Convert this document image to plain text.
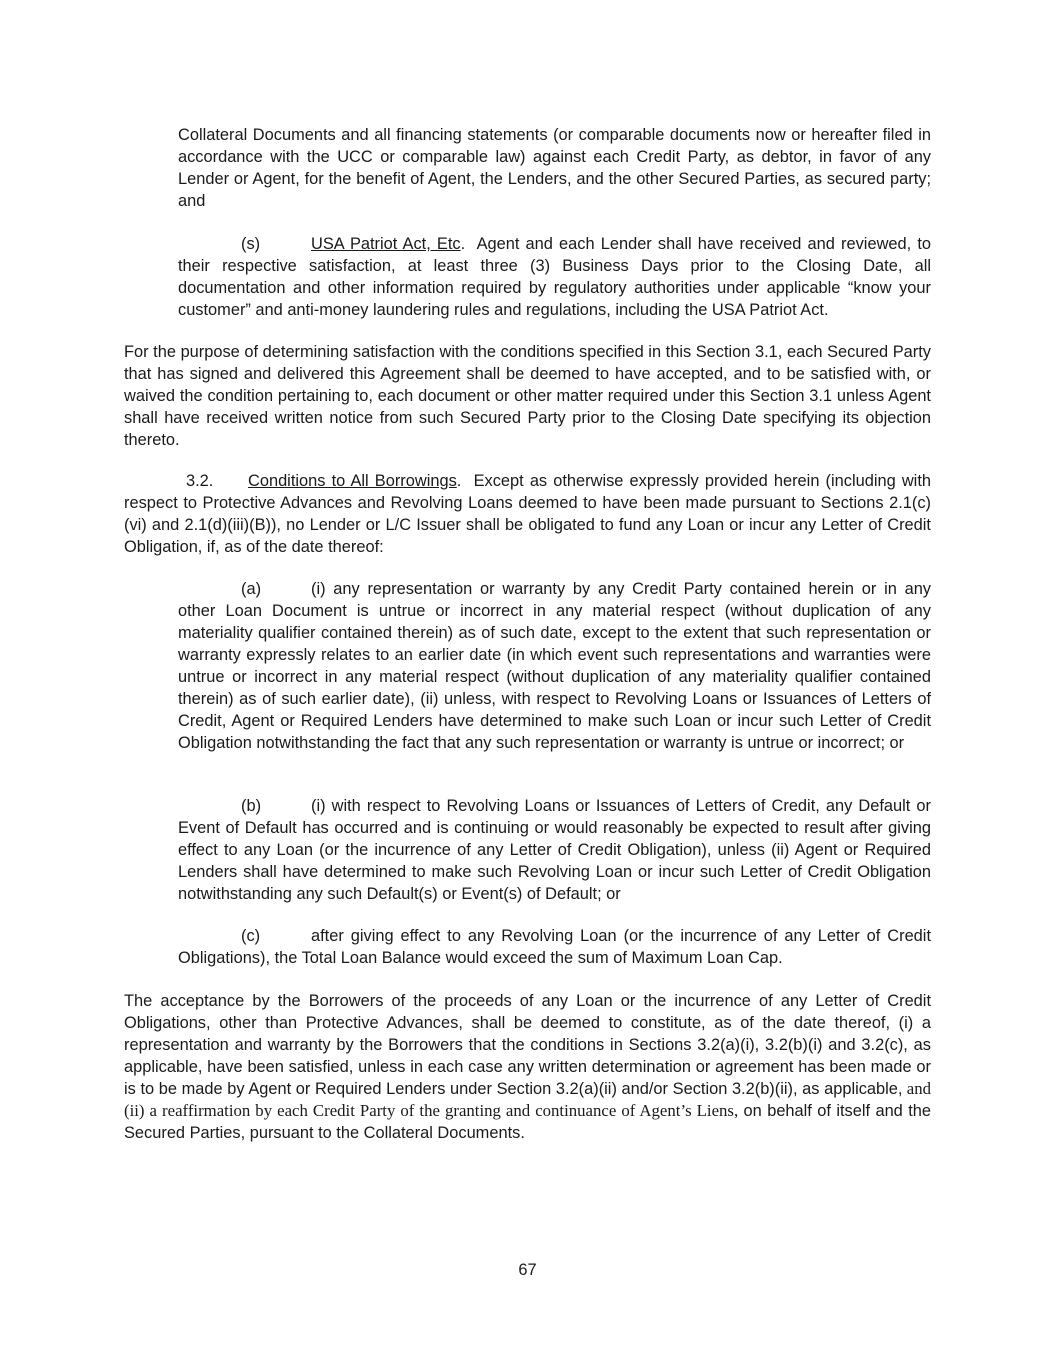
Collateral Documents and all financing statements (or comparable documents now or hereafter filed in accordance with the UCC or comparable law) against each Credit Party, as debtor, in favor of any Lender or Agent, for the benefit of Agent, the Lenders, and the other Secured Parties, as secured party; and

(s)	USA Patriot Act, Etc.  Agent and each Lender shall have received and reviewed, to their respective satisfaction, at least three (3) Business Days prior to the Closing Date, all documentation and other information required by regulatory authorities under applicable “know your customer” and anti-money laundering rules and regulations, including the USA Patriot Act.

For the purpose of determining satisfaction with the conditions specified in this Section 3.1, each Secured Party that has signed and delivered this Agreement shall be deemed to have accepted, and to be satisfied with, or waived the condition pertaining to, each document or other matter required under this Section 3.1 unless Agent shall have received written notice from such Secured Party prior to the Closing Date specifying its objection thereto.

3.2. Conditions to All Borrowings.  Except as otherwise expressly provided herein (including with respect to Protective Advances and Revolving Loans deemed to have been made pursuant to Sections 2.1(c)(vi) and 2.1(d)(iii)(B)), no Lender or L/C Issuer shall be obligated to fund any Loan or incur any Letter of Credit Obligation, if, as of the date thereof:

(a)	(i) any representation or warranty by any Credit Party contained herein or in any other Loan Document is untrue or incorrect in any material respect (without duplication of any materiality qualifier contained therein) as of such date, except to the extent that such representation or warranty expressly relates to an earlier date (in which event such representations and warranties were untrue or incorrect in any material respect (without duplication of any materiality qualifier contained therein) as of such earlier date), (ii) unless, with respect to Revolving Loans or Issuances of Letters of Credit, Agent or Required Lenders have determined to make such Loan or incur such Letter of Credit Obligation notwithstanding the fact that any such representation or warranty is untrue or incorrect; or

(b)	(i) with respect to Revolving Loans or Issuances of Letters of Credit, any Default or Event of Default has occurred and is continuing or would reasonably be expected to result after giving effect to any Loan (or the incurrence of any Letter of Credit Obligation), unless (ii) Agent or Required Lenders shall have determined to make such Revolving Loan or incur such Letter of Credit Obligation notwithstanding any such Default(s) or Event(s) of Default; or

(c)	after giving effect to any Revolving Loan (or the incurrence of any Letter of Credit Obligations), the Total Loan Balance would exceed the sum of Maximum Loan Cap.

The acceptance by the Borrowers of the proceeds of any Loan or the incurrence of any Letter of Credit Obligations, other than Protective Advances, shall be deemed to constitute, as of the date thereof, (i) a representation and warranty by the Borrowers that the conditions in Sections 3.2(a)(i), 3.2(b)(i) and 3.2(c), as applicable, have been satisfied, unless in each case any written determination or agreement has been made or is to be made by Agent or Required Lenders under Section 3.2(a)(ii) and/or Section 3.2(b)(ii), as applicable, and (ii) a reaffirmation by each Credit Party of the granting and continuance of Agent’s Liens, on behalf of itself and the Secured Parties, pursuant to the Collateral Documents.

67
